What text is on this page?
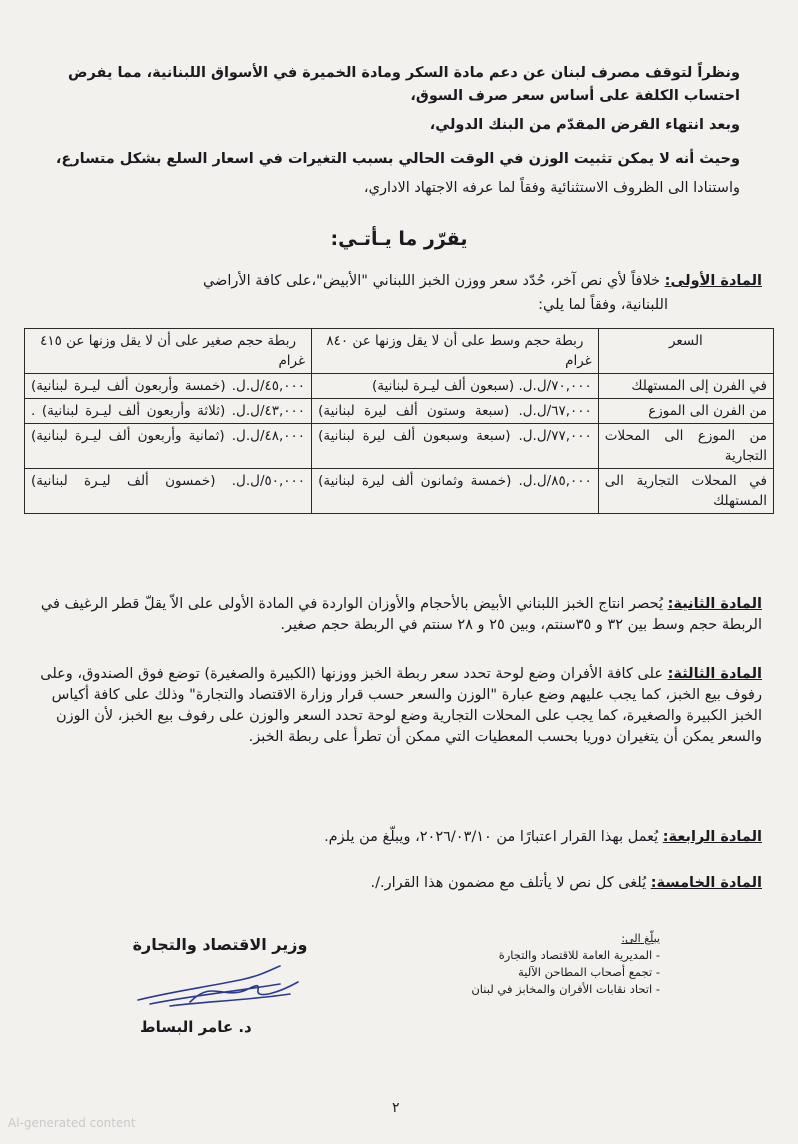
ونظراً لتوقف مصرف لبنان عن دعم مادة السكر ومادة الخميرة في الأسواق اللبنانية، مما يفرض
احتساب الكلفة على أساس سعر صرف السوق،
وبعد انتهاء القرض المقدّم من البنك الدولي،
وحيث أنه لا يمكن تثبيت الوزن في الوقت الحالي بسبب التغيرات في اسعار السلع بشكل متسارع،
واستنادا الى الظروف الاستثنائية وفقاً لما عرفه الاجتهاد الاداري،
يقرّر ما يـأتـي:
المادة الأولى: خلافاً لأي نص آخر، حُدّد سعر ووزن الخبز اللبناني "الأبيض"،على كافة الأراضي
اللبنانية، وفقاً لما يلي:
السعر	ربطة حجم وسط على أن لا يقل وزنها عن ٨٤٠ غرام	ربطة حجم صغير على أن لا يقل وزنها عن ٤١٥ غرام
في الفرن إلى المستهلك	٧٠,٠٠٠/ل.ل. (سبعون ألف ليـرة لبنانية)	٤٥,٠٠٠/ل.ل. (خمسة وأربعون ألف ليـرة لبنانية)
من الفرن الى الموزع	٦٧,٠٠٠/ل.ل. (سبعة وستون ألف ليرة لبنانية)	٤٣,٠٠٠/ل.ل. (ثلاثة وأربعون ألف ليـرة لبنانية) .
من الموزع الى المحلات التجارية	٧٧,٠٠٠/ل.ل. (سبعة وسبعون ألف ليرة لبنانية)	٤٨,٠٠٠/ل.ل. (ثمانية وأربعون ألف ليـرة لبنانية)
في المحلات التجارية الى المستهلك	٨٥,٠٠٠/ل.ل. (خمسة وثمانون ألف ليرة لبنانية)	٥٠,٠٠٠/ل.ل. (خمسون ألف ليـرة لبنانية)
المادة الثانية: يُحصر انتاج الخبز اللبناني الأبيض بالأحجام والأوزان الواردة في المادة الأولى على الاّ يقلّ قطر الرغيف في الربطة حجم وسط بين ٣٢ و ٣٥سنتم، وبين ٢٥ و ٢٨ سنتم في الربطة حجم صغير.
المادة الثالثة: على كافة الأفران وضع لوحة تحدد سعر ربطة الخبز ووزنها (الكبيرة والصغيرة) توضع فوق الصندوق، وعلى رفوف بيع الخبز، كما يجب عليهم وضع عبارة "الوزن والسعر حسب قرار وزارة الاقتصاد والتجارة" وذلك على كافة أكياس الخبز الكبيرة والصغيرة، كما يجب على المحلات التجارية وضع لوحة تحدد السعر والوزن على رفوف بيع الخبز، لأن الوزن والسعر يمكن أن يتغيران دوريا بحسب المعطيات التي ممكن أن تطرأ على ربطة الخبز.
المادة الرابعة: يُعمل بهذا القرار اعتبارًا من ٢٠٢٦/٠٣/١٠، ويبلّغ من يلزم.
المادة الخامسة: يُلغى كل نص لا يأتلف مع مضمون هذا القرار./.
يبلّغ الى:
- المديرية العامة للاقتصاد والتجارة
- تجمع أصحاب المطاحن الآلية
- اتحاد نقابات الأفران والمخابز في لبنان
وزير الاقتصاد والتجارة
د. عامر البساط
٢
Al-generated content
